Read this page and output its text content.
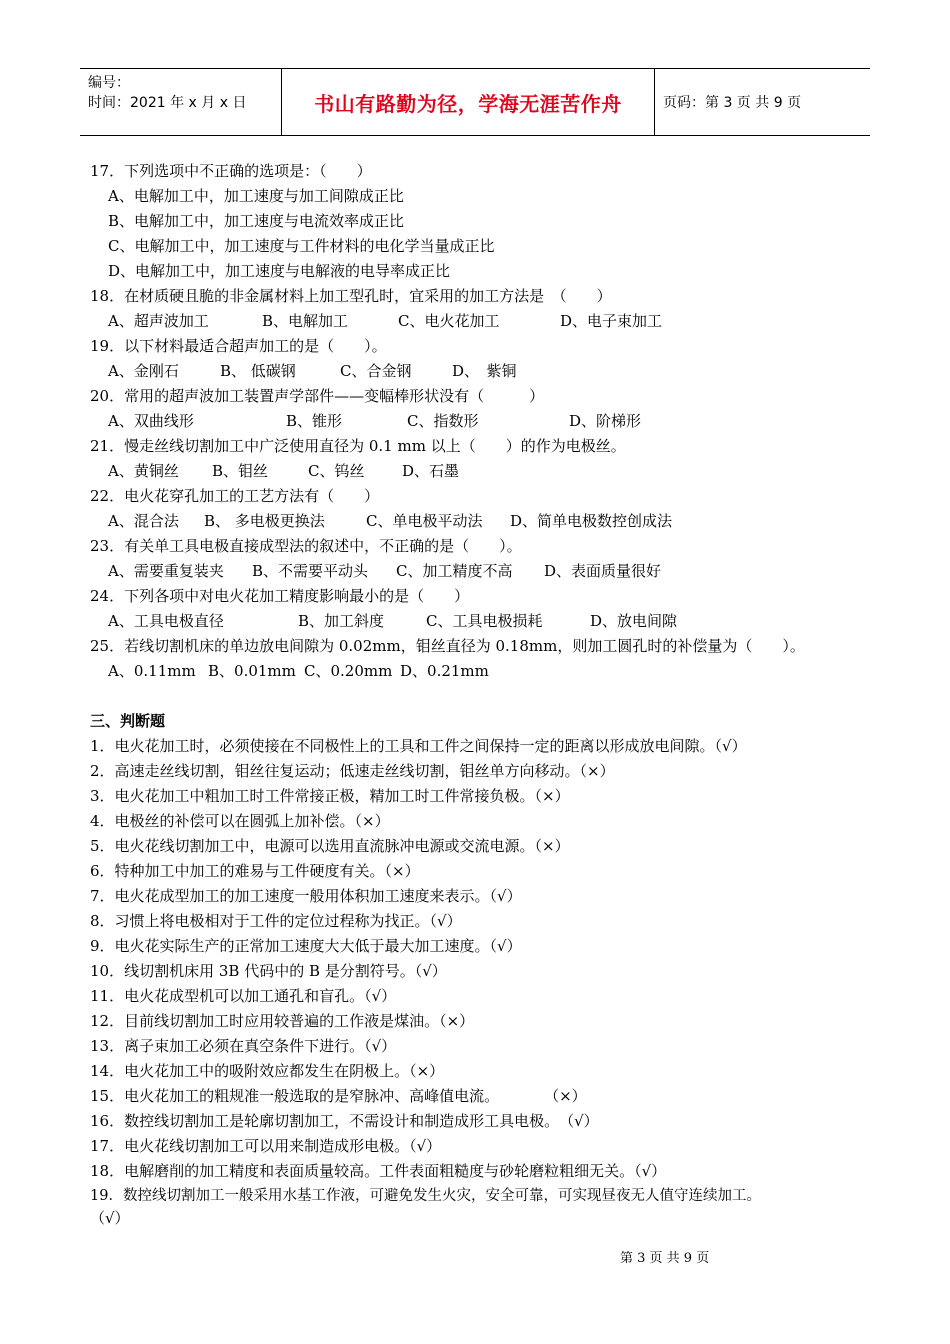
编号：
时间：2021 年 x 月 x 日	书山有路勤为径，学海无涯苦作舟	页码：第 3 页 共 9 页
17．下列选项中不正确的选项是：（　　）
A、电解加工中，加工速度与加工间隙成正比
B、电解加工中，加工速度与电流效率成正比
C、电解加工中，加工速度与工件材料的电化学当量成正比
D、电解加工中，加工速度与电解液的电导率成正比
18．在材质硬且脆的非金属材料上加工型孔时，宜采用的加工方法是　（　　）
A、超声波加工	B、电解加工	C、电火花加工	D、电子束加工
19．以下材料最适合超声加工的是（　　）。
A、金刚石	B、 低碳钢	C、合金钢	D、　紫铜
20．常用的超声波加工装置声学部件——变幅棒形状没有（　　　）
A、双曲线形	B、锥形	C、指数形	D、阶梯形
21．慢走丝线切割加工中广泛使用直径为 0.1 mm 以上（　　）的作为电极丝。
A、黄铜丝 B、钼丝	C、钨丝	D、石墨
22．电火花穿孔加工的工艺方法有（　　）
A、混合法 B、 多电极更换法	C、单电极平动法 D、简单电极数控创成法
23．有关单工具电极直接成型法的叙述中，不正确的是（　　）。
A、需要重复装夹 B、不需要平动头 C、加工精度不高 D、表面质量很好
24．下列各项中对电火花加工精度影响最小的是（　　）
A、工具电极直径	B、加工斜度	C、工具电极损耗	D、放电间隙
25．若线切割机床的单边放电间隙为 0.02mm，钼丝直径为 0.18mm，则加工圆孔时的补偿量为（　　）。
A、0.11mm B、0.01mm C、0.20mm D、0.21mm
三、判断题
1．电火花加工时，必须使接在不同极性上的工具和工件之间保持一定的距离以形成放电间隙。（√）
2．高速走丝线切割，钼丝往复运动；低速走丝线切割，钼丝单方向移动。（×）
3．电火花加工中粗加工时工件常接正极，精加工时工件常接负极。（×）
4．电极丝的补偿可以在圆弧上加补偿。（×）
5．电火花线切割加工中，电源可以选用直流脉冲电源或交流电源。（×）
6．特种加工中加工的难易与工件硬度有关。（×）
7．电火花成型加工的加工速度一般用体积加工速度来表示。（√）
8．习惯上将电极相对于工件的定位过程称为找正。（√）
9．电火花实际生产的正常加工速度大大低于最大加工速度。（√）
10．线切割机床用 3B 代码中的 B 是分割符号。（√）
11．电火花成型机可以加工通孔和盲孔。（√）
12．目前线切割加工时应用较普遍的工作液是煤油。（×）
13．离子束加工必须在真空条件下进行。（√）
14．电火花加工中的吸附效应都发生在阴极上。（×）
15．电火花加工的粗规准一般选取的是窄脉冲、高峰值电流。　　　　（×）
16．数控线切割加工是轮廓切割加工，不需设计和制造成形工具电极。　（√）
17．电火花线切割加工可以用来制造成形电极。（√）
18．电解磨削的加工精度和表面质量较高。工件表面粗糙度与砂轮磨粒粗细无关。（√）
19．数控线切割加工一般采用水基工作液，可避免发生火灾，安全可靠，可实现昼夜无人值守连续加工。
（√）
第 3 页 共 9 页
